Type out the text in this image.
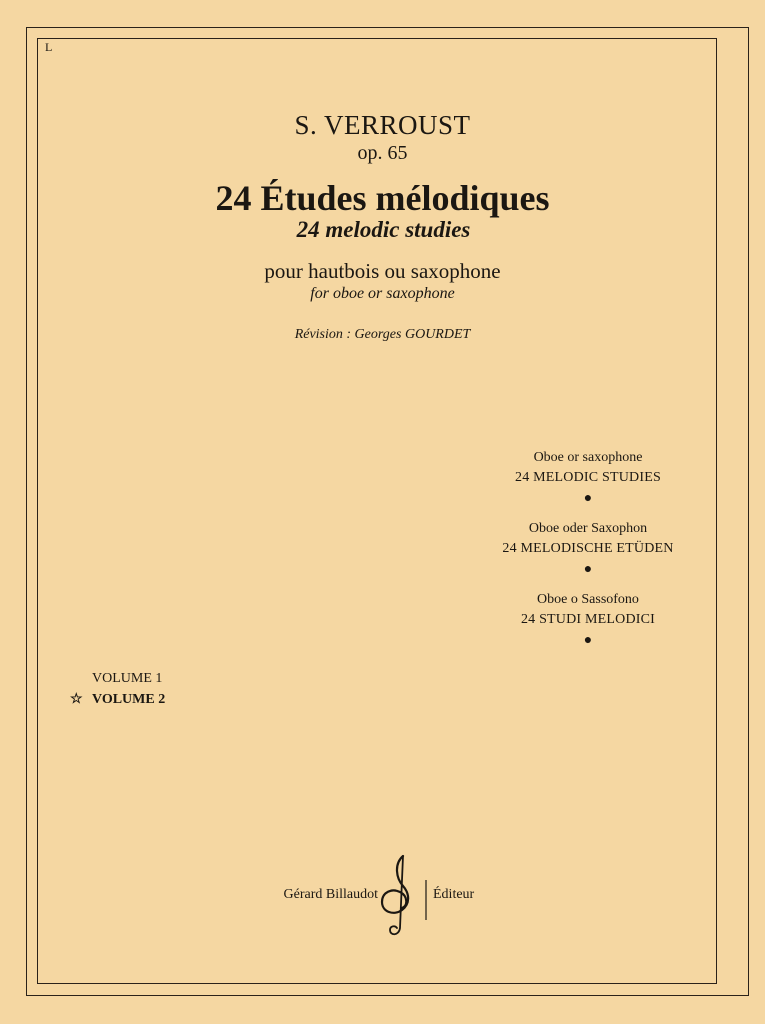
L
S. VERROUST
op. 65
24 Études mélodiques
24 melodic studies
pour hautbois ou saxophone
for oboe or saxophone
Révision : Georges GOURDET
Oboe or saxophone
24 MELODIC STUDIES
●
Oboe oder Saxophon
24 MELODISCHE ETÜDEN
●
Oboe o Sassofono
24 STUDI MELODICI
●
VOLUME 1
☆ VOLUME 2
Gérard Billaudot	Éditeur
